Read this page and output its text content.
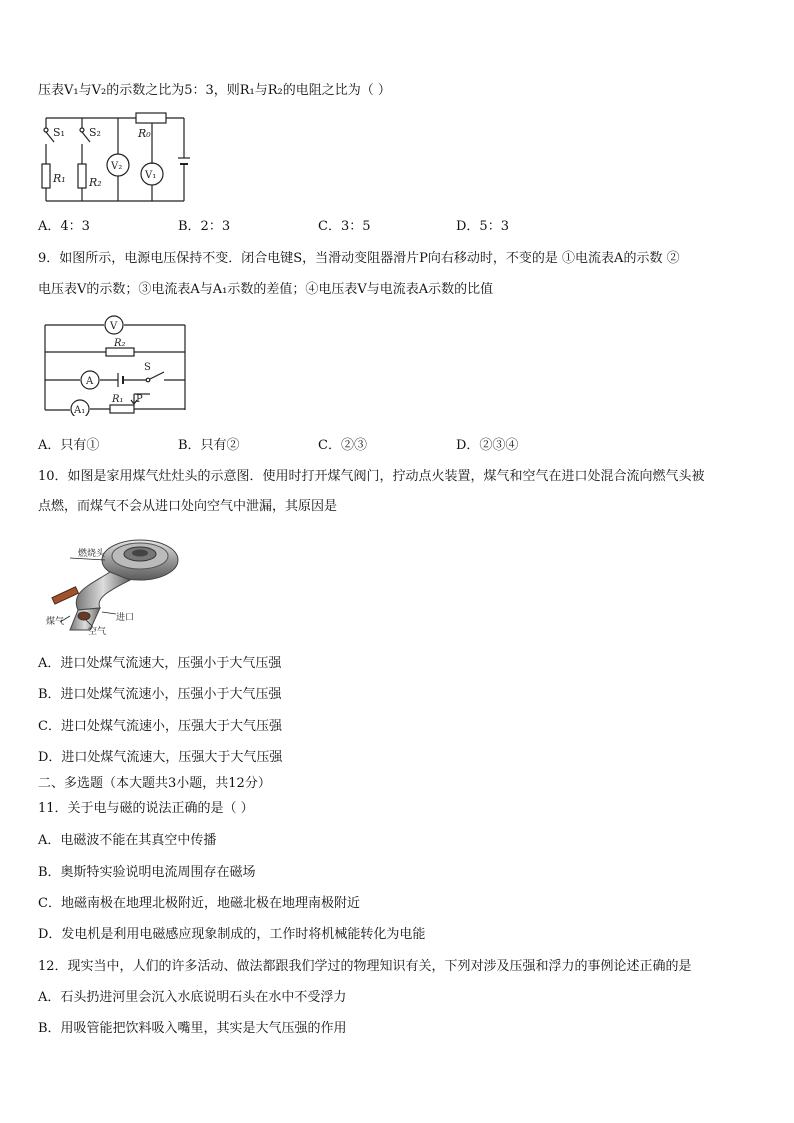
压表V₁与V₂的示数之比为5：3，则R₁与R₂的电阻之比为（ ）
S₁ S₂	R₀
V₂
V₁
R₁ R₂
A．4：3	B．2：3	C．3：5	D．5：3
9．如图所示，电源电压保持不变．闭合电键S，当滑动变阻器滑片P向右移动时，不变的是 ①电流表A的示数 ②
电压表V的示数；③电流表A与A₁示数的差值；④电压表V与电流表A示数的比值
V
R₂
A
S
A₁
R₁ P
A．只有①	B．只有②	C．②③	D．②③④
10．如图是家用煤气灶灶头的示意图．使用时打开煤气阀门，拧动点火装置，煤气和空气在进口处混合流向燃气头被
点燃，而煤气不会从进口处向空气中泄漏，其原因是
燃烧头
煤气
空气
进口
A．进口处煤气流速大，压强小于大气压强
B．进口处煤气流速小，压强小于大气压强
C．进口处煤气流速小，压强大于大气压强
D．进口处煤气流速大，压强大于大气压强
二、多选题（本大题共3小题，共12分）
11．关于电与磁的说法正确的是（ ）
A．电磁波不能在其真空中传播
B．奥斯特实验说明电流周围存在磁场
C．地磁南极在地理北极附近，地磁北极在地理南极附近
D．发电机是利用电磁感应现象制成的，工作时将机械能转化为电能
12．现实当中，人们的许多活动、做法都跟我们学过的物理知识有关，下列对涉及压强和浮力的事例论述正确的是
A．石头扔进河里会沉入水底说明石头在水中不受浮力
B．用吸管能把饮料吸入嘴里，其实是大气压强的作用
